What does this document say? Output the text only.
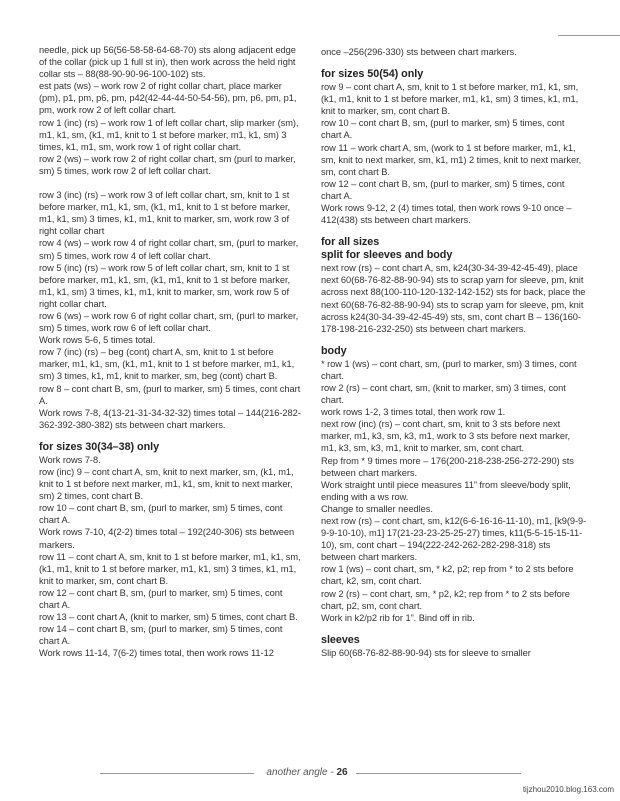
needle, pick up 56(56-58-58-64-68-70) sts along adjacent edge of the collar (pick up 1 full st in), then work across the held right collar sts – 88(88-90-90-96-100-102) sts.

est pats (ws) – work row 2 of right collar chart, place marker (pm), p1, pm, p6, pm, p42(42-44-44-50-54-56), pm, p6, pm, p1, pm, work row 2 of left collar chart.

row 1 (inc) (rs) – work row 1 of left collar chart, slip marker (sm), m1, k1, sm, (k1, m1, knit to 1 st before marker, m1, k1, sm) 3 times, k1, m1, sm, work row 1 of right collar chart.

row 2 (ws) – work row 2 of right collar chart, sm (purl to marker, sm) 5 times, work row 2 of left collar chart.

row 3 (inc) (rs) – work row 3 of left collar chart, sm, knit to 1 st before marker, m1, k1, sm, (k1, m1, knit to 1 st before marker, m1, k1, sm) 3 times, k1, m1, knit to marker, sm, work row 3 of right collar chart

row 4 (ws) – work row 4 of right collar chart, sm, (purl to marker, sm) 5 times, work row 4 of left collar chart.

row 5 (inc) (rs) – work row 5 of left collar chart, sm, knit to 1 st before marker, m1, k1, sm, (k1, m1, knit to 1 st before marker, m1, k1, sm) 3 times, k1, m1, knit to marker, sm, work row 5 of right collar chart.

row 6 (ws) – work row 6 of right collar chart, sm, (purl to marker, sm) 5 times, work row 6 of left collar chart.

Work rows 5-6, 5 times total.

row 7 (inc) (rs) – beg (cont) chart A, sm, knit to 1 st before marker, m1, k1, sm, (k1, m1, knit to 1 st before marker, m1, k1, sm) 3 times, k1, m1, knit to marker, sm, beg (cont) chart B.

row 8 – cont chart B, sm, (purl to marker, sm) 5 times, cont chart A.

Work rows 7-8, 4(13-21-31-34-32-32) times total – 144(216-282-362-392-380-382) sts between chart markers.

for sizes 30(34–38) only

Work rows 7-8.

row (inc) 9 – cont chart A, sm, knit to next marker, sm, (k1, m1, knit to 1 st before next marker, m1, k1, sm, knit to next marker, sm) 2 times, cont chart B.

row 10 – cont chart B, sm, (purl to marker, sm) 5 times, cont chart A.

Work rows 7-10, 4(2-2) times total – 192(240-306) sts between markers.

row 11 – cont chart A, sm, knit to 1 st before marker, m1, k1, sm, (k1, m1, knit to 1 st before marker, m1, k1, sm) 3 times, k1, m1, knit to marker, sm, cont chart B.

row 12 – cont chart B, sm, (purl to marker, sm) 5 times, cont chart A.

row 13 – cont chart A, (knit to marker, sm) 5 times, cont chart B.

row 14 – cont chart B, sm, (purl to marker, sm) 5 times, cont chart A.

Work rows 11-14, 7(6-2) times total, then work rows 11-12

once –256(296-330) sts between chart markers.

for sizes 50(54) only

row 9 – cont chart A, sm, knit to 1 st before marker, m1, k1, sm, (k1, m1, knit to 1 st before marker, m1, k1, sm) 3 times, k1, m1, knit to marker, sm, cont chart B.

row 10 – cont chart B, sm, (purl to marker, sm) 5 times, cont chart A.

row 11 – work chart A, sm, (work to 1 st before marker, m1, k1, sm, knit to next marker, sm, k1, m1) 2 times, knit to next marker, sm, cont chart B.

row 12 – cont chart B, sm, (purl to marker, sm) 5 times, cont chart A.

Work rows 9-12, 2 (4) times total, then work rows 9-10 once – 412(438) sts between chart markers.

for all sizes

split for sleeves and body

next row (rs) – cont chart A, sm, k24(30-34-39-42-45-49), place next 60(68-76-82-88-90-94) sts to scrap yarn for sleeve, pm, knit across next 88(100-110-120-132-142-152) sts for back, place the next 60(68-76-82-88-90-94) sts to scrap yarn for sleeve, pm, knit across k24(30-34-39-42-45-49) sts, sm, cont chart B – 136(160-178-198-216-232-250) sts between chart markers.

body

* row 1 (ws) – cont chart, sm, (purl to marker, sm) 3 times, cont chart.

row 2 (rs) – cont chart, sm, (knit to marker, sm) 3 times, cont chart.

work rows 1-2, 3 times total, then work row 1.

next row (inc) (rs) – cont chart, sm, knit to 3 sts before next marker, m1, k3, sm, k3, m1, work to 3 sts before next marker, m1, k3, sm, k3, m1, knit to marker, sm, cont chart.

Rep from * 9 times more – 176(200-218-238-256-272-290) sts between chart markers.

Work straight until piece measures 11” from sleeve/body split, ending with a ws row.

Change to smaller needles.

next row (rs) – cont chart, sm, k12(6-6-16-16-11-10), m1, [k9(9-9-9-9-10-10), m1] 17(21-23-23-25-25-27) times, k11(5-5-15-15-11-10), sm, cont chart – 194(222-242-262-282-298-318) sts between chart markers.

row 1 (ws) – cont chart, sm, * k2, p2; rep from * to 2 sts before chart, k2, sm, cont chart.

row 2 (rs) – cont chart, sm, * p2, k2; rep from * to 2 sts before chart, p2, sm, cont chart.

Work in k2/p2 rib for 1”. Bind off in rib.

sleeves

Slip 60(68-76-82-88-90-94) sts for sleeve to smaller

another angle - 26
tijzhou2010.blog.163.com
